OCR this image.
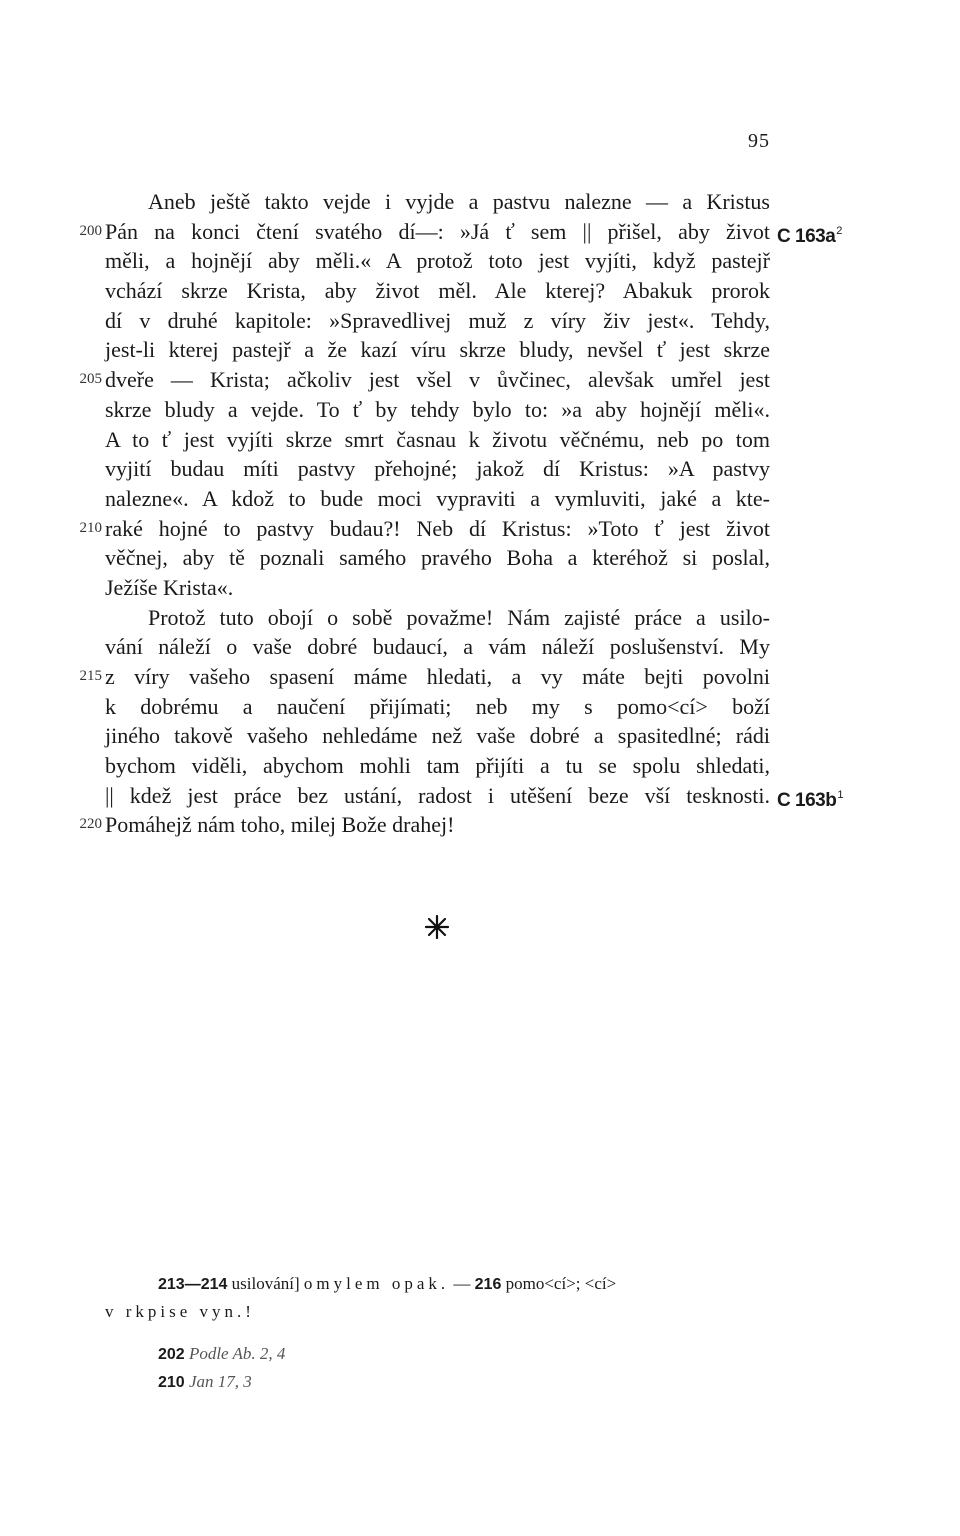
95
Aneb ještě takto vejde i vyjde a pastvu nalezne — a Kristus
200 Pán na konci čtení svatého dí—: »Já ť sem || přišel, aby život C $163a^2$
měli, a hojnějí aby měli.« A protož toto jest vyjíti, když pastejř
vchází skrze Krista, aby život měl. Ale kterej? Abakuk prorok
dí v druhé kapitole: »Spravedlivej muž z víry živ jest«. Tehdy,
jest-li kterej pastejř a že kazí víru skrze bludy, nevšel ť jest skrze
205 dveře — Krista; ačkoliv jest všel v ůvčinec, alevšak umřel jest
skrze bludy a vejde. To ť by tehdy bylo to: »a aby hojnějí měli«.
A to ť jest vyjíti skrze smrt časnau k životu věčnému, neb po tom
vyjití budau míti pastvy přehojné; jakož dí Kristus: »A pastvy
nalezne«. A kdož to bude moci vypraviti a vymluviti, jaké a kte-
210 raké hojné to pastvy budau?! Neb dí Kristus: »Toto ť jest život
věčnej, aby tě poznali samého pravého Boha a kteréhož si poslal,
Ježíše Krista«.
Protož tuto obojí o sobě považme! Nám zajisté práce a usilo-
vání náleží o vaše dobré budaucí, a vám náleží poslušenství. My
215 z víry vašeho spasení máme hledati, a vy máte bejti povolni
k dobrému a naučení přijímati; neb my s pomo<cí> boží
jiného takově vašeho nehledáme než vaše dobré a spasitedlné; rádi
bychom viděli, abychom mohli tam přijíti a tu se spolu shledati,
|| kdež jest práce bez ustání, radost i utěšení beze vší tesknosti. C $163b^1$
220 Pomáhejž nám toho, milej Bože drahej!
213—214 usilování] omylem opak. — 216 pomo<cí>; <cí>
v rkpise vyn.!
202 Podle Ab. 2, 4
210 Jan 17, 3
